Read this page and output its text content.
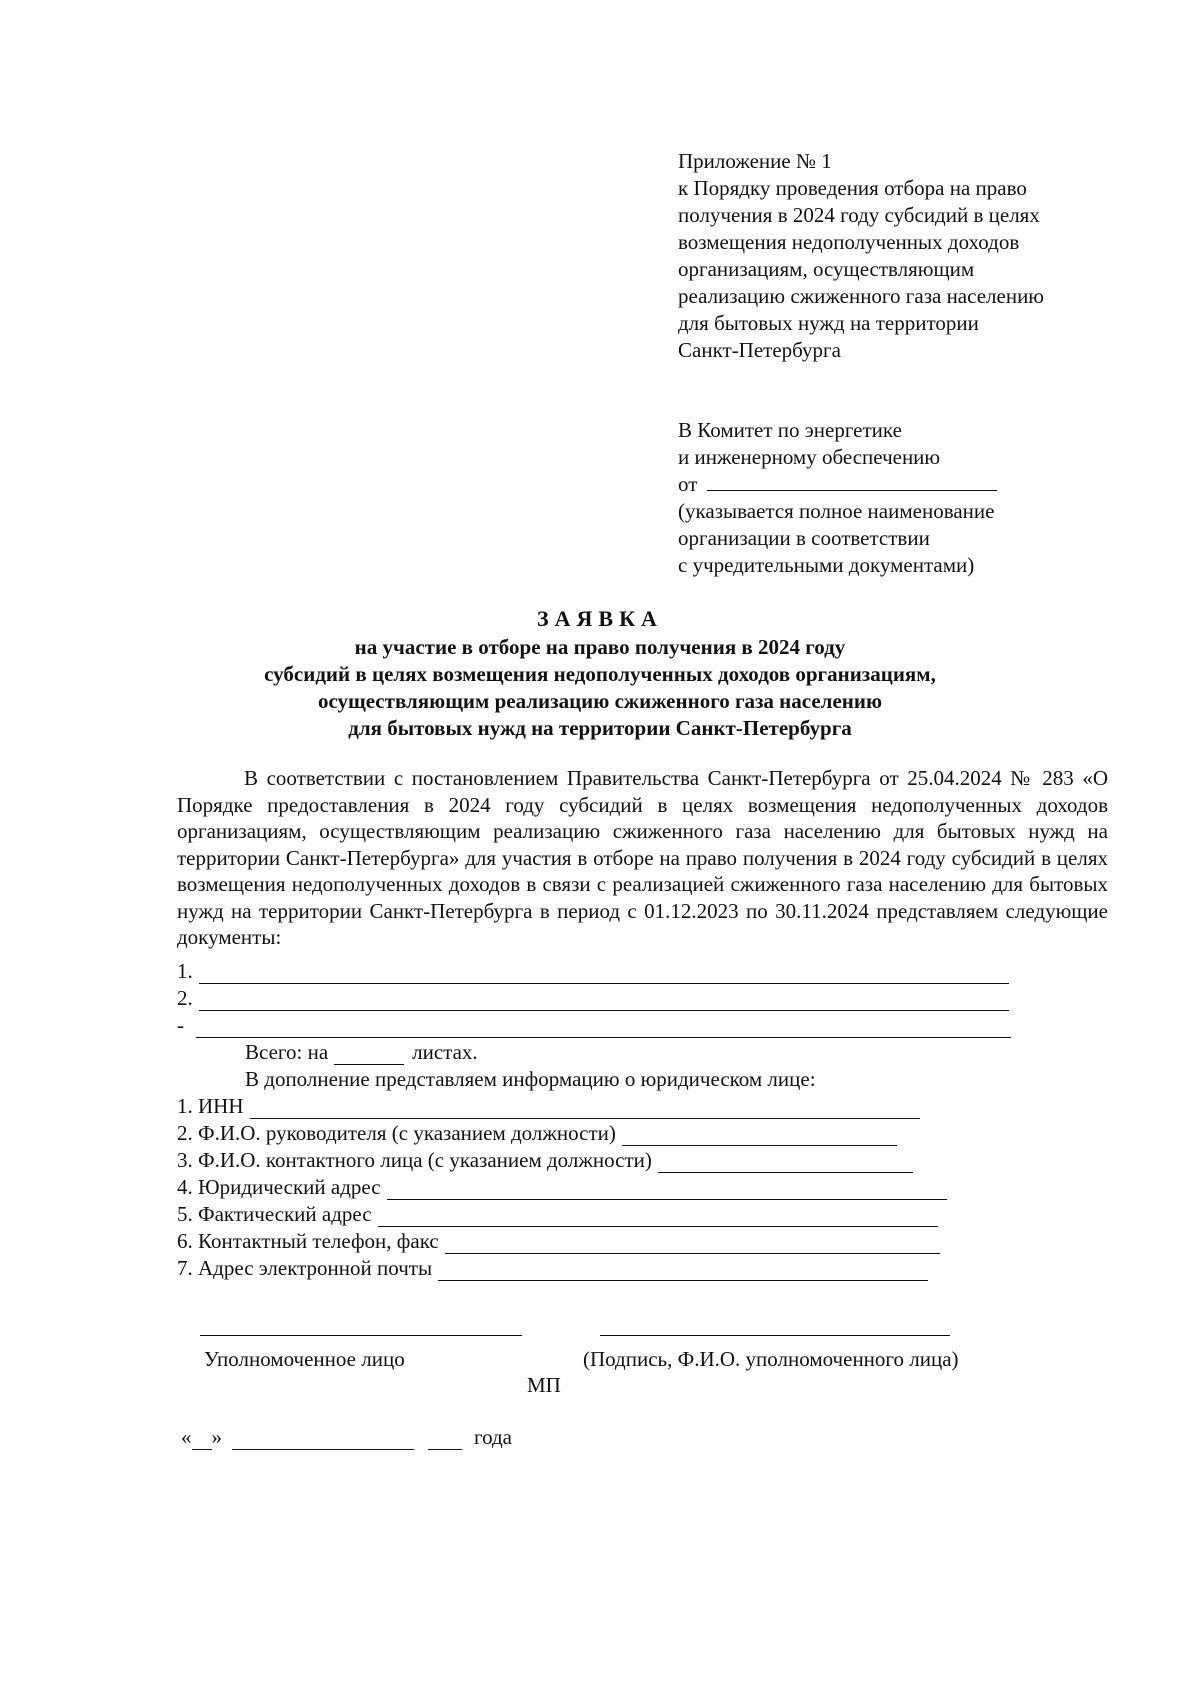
Приложение № 1
к Порядку проведения отбора на право
получения в 2024 году субсидий в целях
возмещения недополученных доходов
организациям, осуществляющим
реализацию сжиженного газа населению
для бытовых нужд на территории
Санкт-Петербурга
В Комитет по энергетике
и инженерному обеспечению
от
(указывается полное наименование
организации в соответствии
с учредительными документами)
ЗАЯВКА
на участие в отборе на право получения в 2024 году
субсидий в целях возмещения недополученных доходов организациям,
осуществляющим реализацию сжиженного газа населению
для бытовых нужд на территории Санкт-Петербурга
В соответствии с постановлением Правительства Санкт-Петербурга от 25.04.2024 № 283 «О Порядке предоставления в 2024 году субсидий в целях возмещения недополученных доходов организациям, осуществляющим реализацию сжиженного газа населению для бытовых нужд на территории Санкт-Петербурга» для участия в отборе на право получения в 2024 году субсидий в целях возмещения недополученных доходов в связи с реализацией сжиженного газа населению для бытовых нужд на территории Санкт-Петербурга в период с 01.12.2023 по 30.11.2024 представляем следующие документы:
1.
2.
-
Всего: на	листах.
В дополнение представляем информацию о юридическом лице:
1. ИНН
2. Ф.И.О. руководителя (с указанием должности)
3. Ф.И.О. контактного лица (с указанием должности)
4. Юридический адрес
5. Фактический адрес
6. Контактный телефон, факс
7. Адрес электронной почты
Уполномоченное лицо	(Подпись, Ф.И.О. уполномоченного лица)
МП
« »	года
